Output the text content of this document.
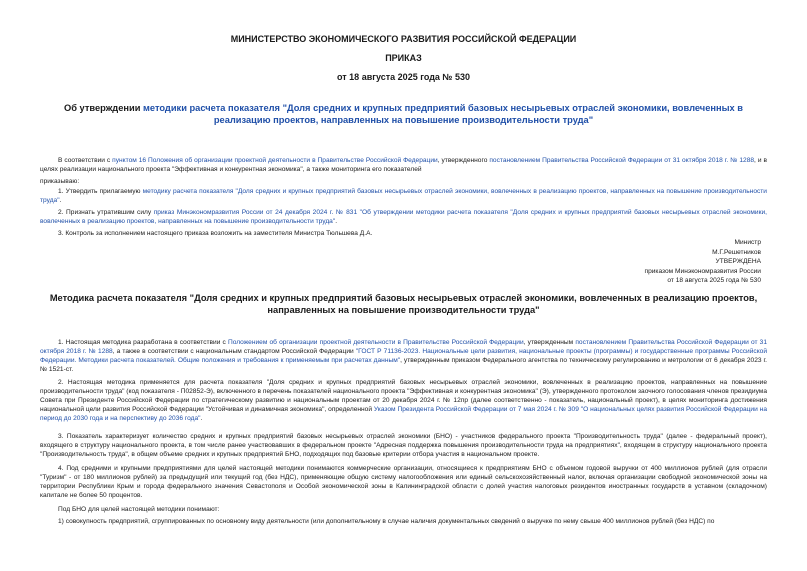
МИНИСТЕРСТВО ЭКОНОМИЧЕСКОГО РАЗВИТИЯ РОССИЙСКОЙ ФЕДЕРАЦИИ
ПРИКАЗ
от 18 августа 2025 года № 530
Об утверждении методики расчета показателя "Доля средних и крупных предприятий базовых несырьевых отраслей экономики, вовлеченных в реализацию проектов, направленных на повышение производительности труда"
В соответствии с пунктом 16 Положения об организации проектной деятельности в Правительстве Российской Федерации, утвержденного постановлением Правительства Российской Федерации от 31 октября 2018 г. № 1288, и в целях реализации национального проекта "Эффективная и конкурентная экономика", а также мониторинга его показателей
приказываю:
1. Утвердить прилагаемую методику расчета показателя "Доля средних и крупных предприятий базовых несырьевых отраслей экономики, вовлеченных в реализацию проектов, направленных на повышение производительности труда".
2. Признать утратившим силу приказ Минэкономразвития России от 24 декабря 2024 г. № 831 "Об утверждении методики расчета показателя "Доля средних и крупных предприятий базовых несырьевых отраслей экономики, вовлеченных в реализацию проектов, направленных на повышение производительности труда".
3. Контроль за исполнением настоящего приказа возложить на заместителя Министра Тюльшева Д.А.
Министр
М.Г.Решетников
УТВЕРЖДЕНА
приказом Минэкономразвития России
от 18 августа 2025 года № 530
Методика расчета показателя "Доля средних и крупных предприятий базовых несырьевых отраслей экономики, вовлеченных в реализацию проектов, направленных на повышение производительности труда"
1. Настоящая методика разработана в соответствии с Положением об организации проектной деятельности в Правительстве Российской Федерации, утвержденным постановлением Правительства Российской Федерации от 31 октября 2018 г. № 1288, а также в соответствии с национальным стандартом Российской Федерации "ГОСТ Р 71136-2023. Национальные цели развития, национальные проекты (программы) и государственные программы Российской Федерации. Методики расчета показателей. Общие положения и требования к применяемым при расчетах данным", утвержденным приказом Федерального агентства по техническому регулированию и метрологии от 6 декабря 2023 г. № 1521-ст.
2. Настоящая методика применяется для расчета показателя "Доля средних и крупных предприятий базовых несырьевых отраслей экономики, вовлеченных в реализацию проектов, направленных на повышение производительности труда" (код показателя - П02852-Э), включенного в перечень показателей национального проекта "Эффективная и конкурентная экономика" (Э), утвержденного протоколом заочного голосования членов президиума Совета при Президенте Российской Федерации по стратегическому развитию и национальным проектам от 20 декабря 2024 г. № 12пр (далее соответственно - показатель, национальный проект), в целях мониторинга достижения национальной цели развития Российской Федерации "Устойчивая и динамичная экономика", определенной Указом Президента Российской Федерации от 7 мая 2024 г. № 309 "О национальных целях развития Российской Федерации на период до 2030 года и на перспективу до 2036 года".
3. Показатель характеризует количество средних и крупных предприятий базовых несырьевых отраслей экономики (БНО) - участников федерального проекта "Производительность труда" (далее - федеральный проект), входящего в структуру национального проекта, в том числе ранее участвовавших в федеральном проекте "Адресная поддержка повышения производительности труда на предприятиях", входящем в структуру национального проекта "Производительность труда", в общем объеме средних и крупных предприятий БНО, подходящих под базовые критерии отбора участия в национальном проекте.
4. Под средними и крупными предприятиями для целей настоящей методики понимаются коммерческие организации, относящиеся к предприятиям БНО с объемом годовой выручки от 400 миллионов рублей (для отрасли "Туризм" - от 180 миллионов рублей) за предыдущий или текущий год (без НДС), применяющие общую систему налогообложения или единый сельскохозяйственный налог, включая организации свободной экономической зоны на территории Республики Крым и города федерального значения Севастополя и Особой экономической зоны в Калининградской области с долей участия налоговых резидентов иностранных государств в уставном (складочном) капитале не более 50 процентов.
Под БНО для целей настоящей методики понимают:
1) совокупность предприятий, сгруппированных по основному виду деятельности (или дополнительному в случае наличия документальных сведений о выручке по нему свыше 400 миллионов рублей (без НДС) по
